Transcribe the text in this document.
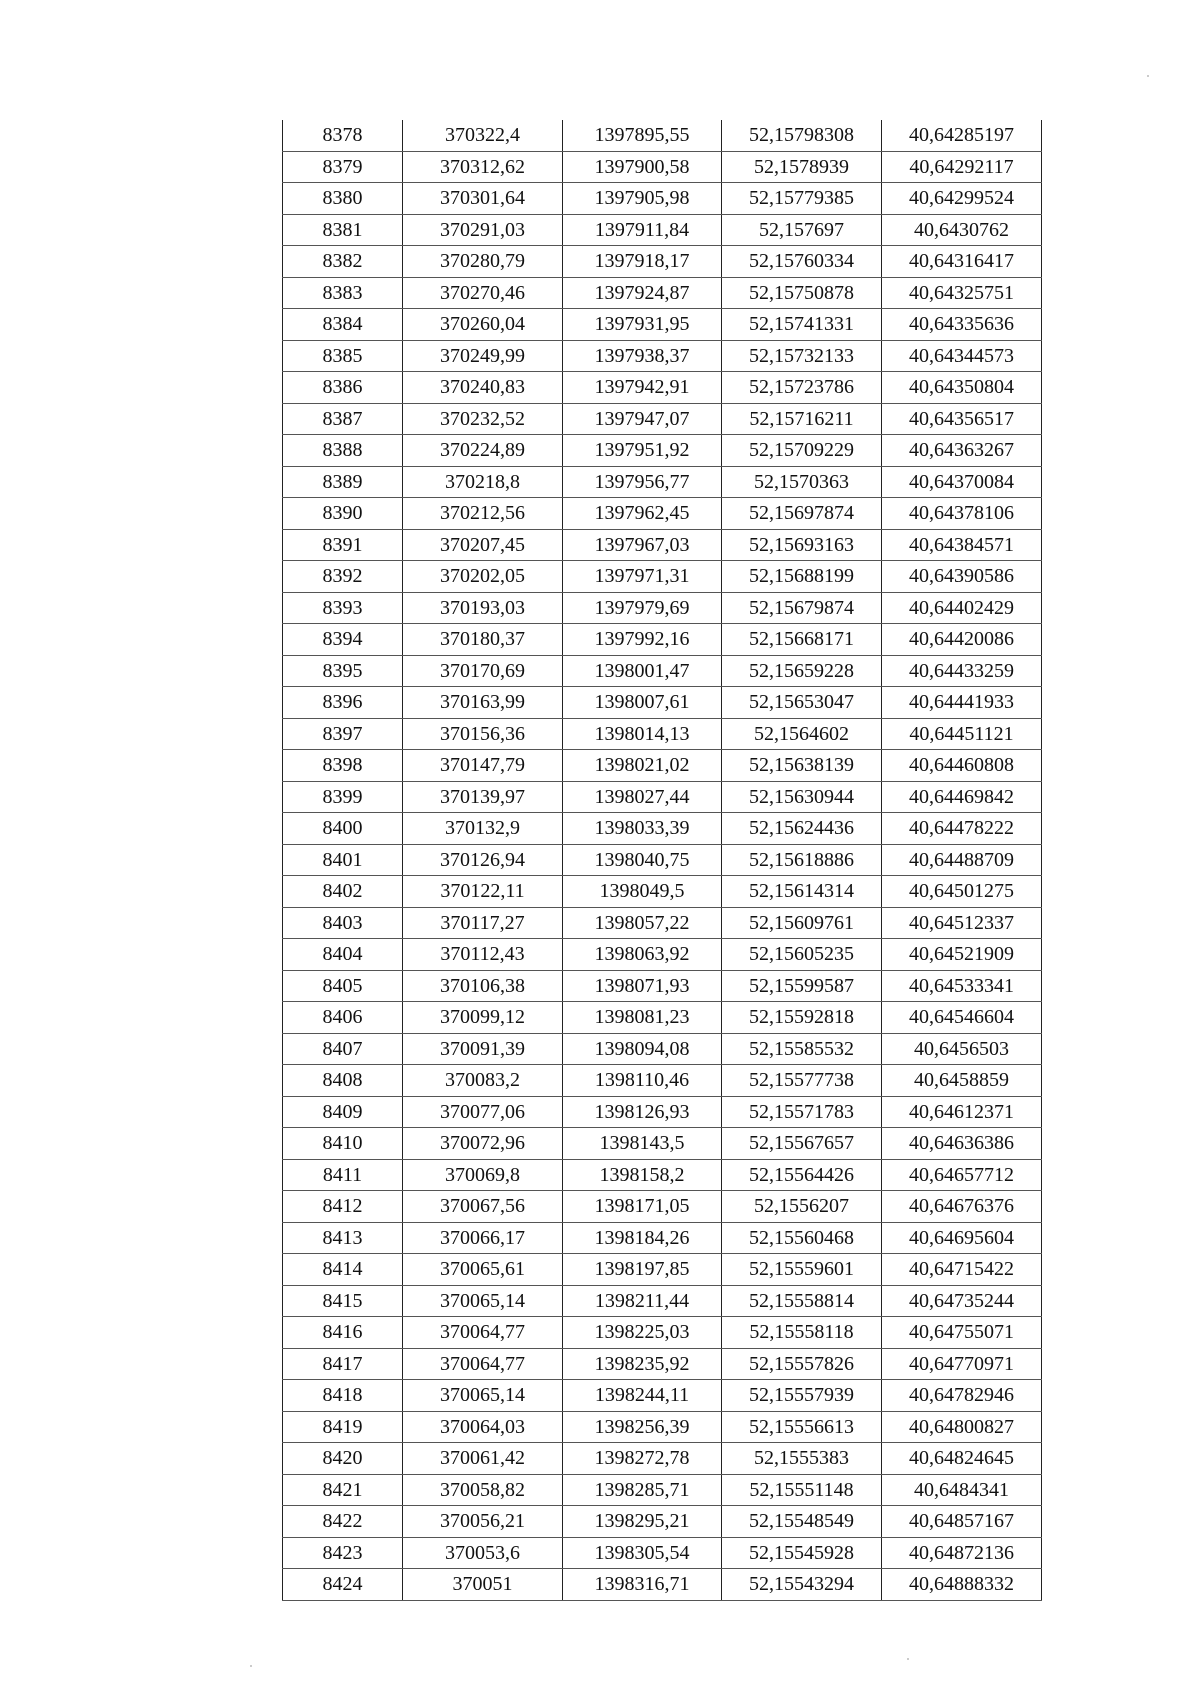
8378	370322,4	1397895,55	52,15798308	40,64285197
8379	370312,62	1397900,58	52,1578939	40,64292117
8380	370301,64	1397905,98	52,15779385	40,64299524
8381	370291,03	1397911,84	52,157697	40,6430762
8382	370280,79	1397918,17	52,15760334	40,64316417
8383	370270,46	1397924,87	52,15750878	40,64325751
8384	370260,04	1397931,95	52,15741331	40,64335636
8385	370249,99	1397938,37	52,15732133	40,64344573
8386	370240,83	1397942,91	52,15723786	40,64350804
8387	370232,52	1397947,07	52,15716211	40,64356517
8388	370224,89	1397951,92	52,15709229	40,64363267
8389	370218,8	1397956,77	52,1570363	40,64370084
8390	370212,56	1397962,45	52,15697874	40,64378106
8391	370207,45	1397967,03	52,15693163	40,64384571
8392	370202,05	1397971,31	52,15688199	40,64390586
8393	370193,03	1397979,69	52,15679874	40,64402429
8394	370180,37	1397992,16	52,15668171	40,64420086
8395	370170,69	1398001,47	52,15659228	40,64433259
8396	370163,99	1398007,61	52,15653047	40,64441933
8397	370156,36	1398014,13	52,1564602	40,64451121
8398	370147,79	1398021,02	52,15638139	40,64460808
8399	370139,97	1398027,44	52,15630944	40,64469842
8400	370132,9	1398033,39	52,15624436	40,64478222
8401	370126,94	1398040,75	52,15618886	40,64488709
8402	370122,11	1398049,5	52,15614314	40,64501275
8403	370117,27	1398057,22	52,15609761	40,64512337
8404	370112,43	1398063,92	52,15605235	40,64521909
8405	370106,38	1398071,93	52,15599587	40,64533341
8406	370099,12	1398081,23	52,15592818	40,64546604
8407	370091,39	1398094,08	52,15585532	40,6456503
8408	370083,2	1398110,46	52,15577738	40,6458859
8409	370077,06	1398126,93	52,15571783	40,64612371
8410	370072,96	1398143,5	52,15567657	40,64636386
8411	370069,8	1398158,2	52,15564426	40,64657712
8412	370067,56	1398171,05	52,1556207	40,64676376
8413	370066,17	1398184,26	52,15560468	40,64695604
8414	370065,61	1398197,85	52,15559601	40,64715422
8415	370065,14	1398211,44	52,15558814	40,64735244
8416	370064,77	1398225,03	52,15558118	40,64755071
8417	370064,77	1398235,92	52,15557826	40,64770971
8418	370065,14	1398244,11	52,15557939	40,64782946
8419	370064,03	1398256,39	52,15556613	40,64800827
8420	370061,42	1398272,78	52,1555383	40,64824645
8421	370058,82	1398285,71	52,15551148	40,6484341
8422	370056,21	1398295,21	52,15548549	40,64857167
8423	370053,6	1398305,54	52,15545928	40,64872136
8424	370051	1398316,71	52,15543294	40,64888332
